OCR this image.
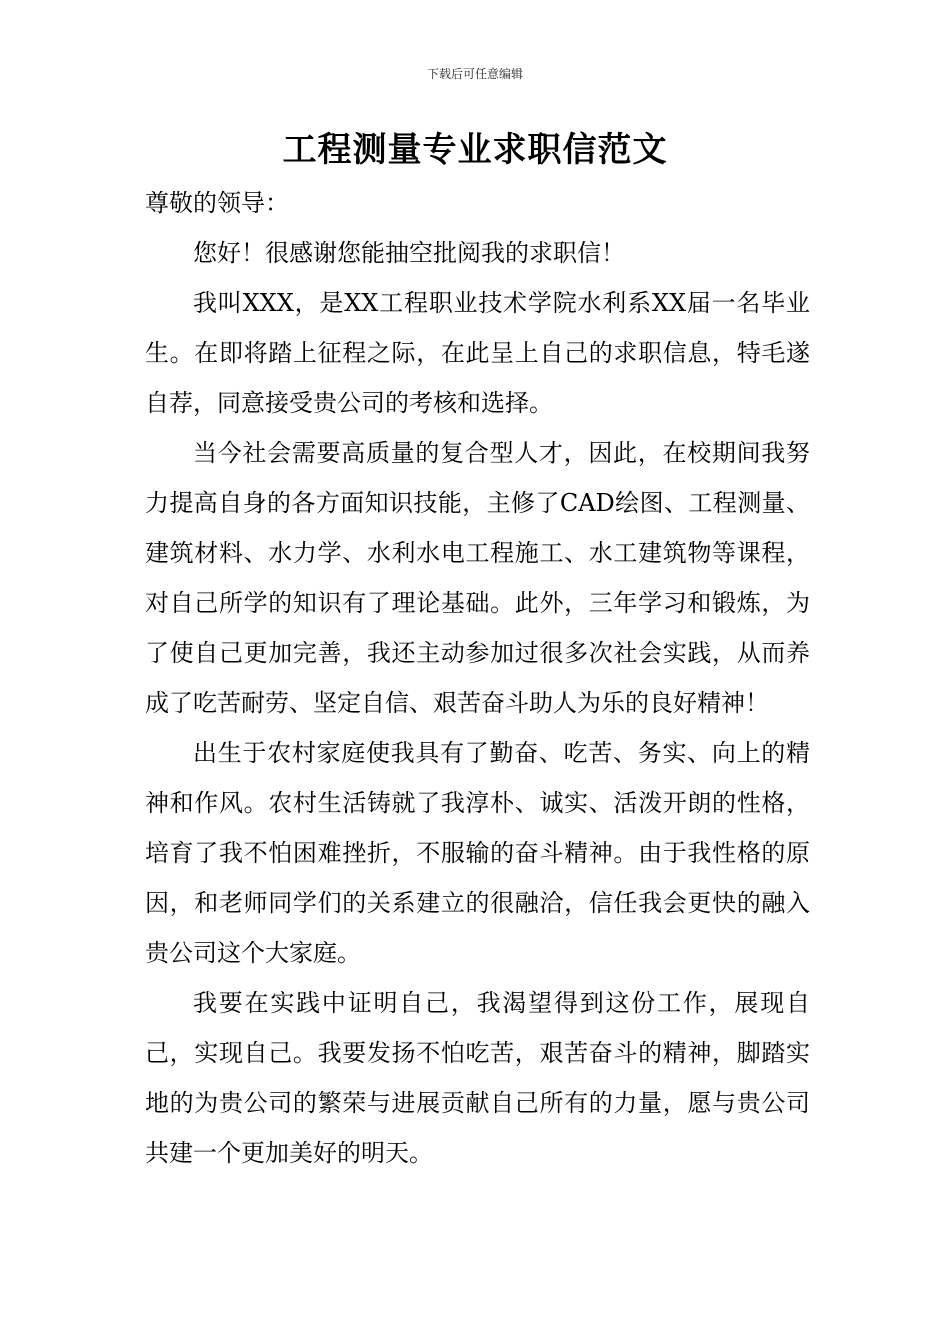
下载后可任意编辑
工程测量专业求职信范文

尊敬的领导：

您好！很感谢您能抽空批阅我的求职信！

我叫XXX，是XX工程职业技术学院水利系XX届一名毕业生。在即将踏上征程之际，在此呈上自己的求职信息，特毛遂自荐，同意接受贵公司的考核和选择。

当今社会需要高质量的复合型人才，因此，在校期间我努力提高自身的各方面知识技能，主修了CAD绘图、工程测量、建筑材料、水力学、水利水电工程施工、水工建筑物等课程，对自己所学的知识有了理论基础。此外，三年学习和锻炼，为了使自己更加完善，我还主动参加过很多次社会实践，从而养成了吃苦耐劳、坚定自信、艰苦奋斗助人为乐的良好精神！

出生于农村家庭使我具有了勤奋、吃苦、务实、向上的精神和作风。农村生活铸就了我淳朴、诚实、活泼开朗的性格，培育了我不怕困难挫折，不服输的奋斗精神。由于我性格的原因，和老师同学们的关系建立的很融洽，信任我会更快的融入贵公司这个大家庭。

我要在实践中证明自己，我渴望得到这份工作，展现自己，实现自己。我要发扬不怕吃苦，艰苦奋斗的精神，脚踏实地的为贵公司的繁荣与进展贡献自己所有的力量，愿与贵公司共建一个更加美好的明天。
